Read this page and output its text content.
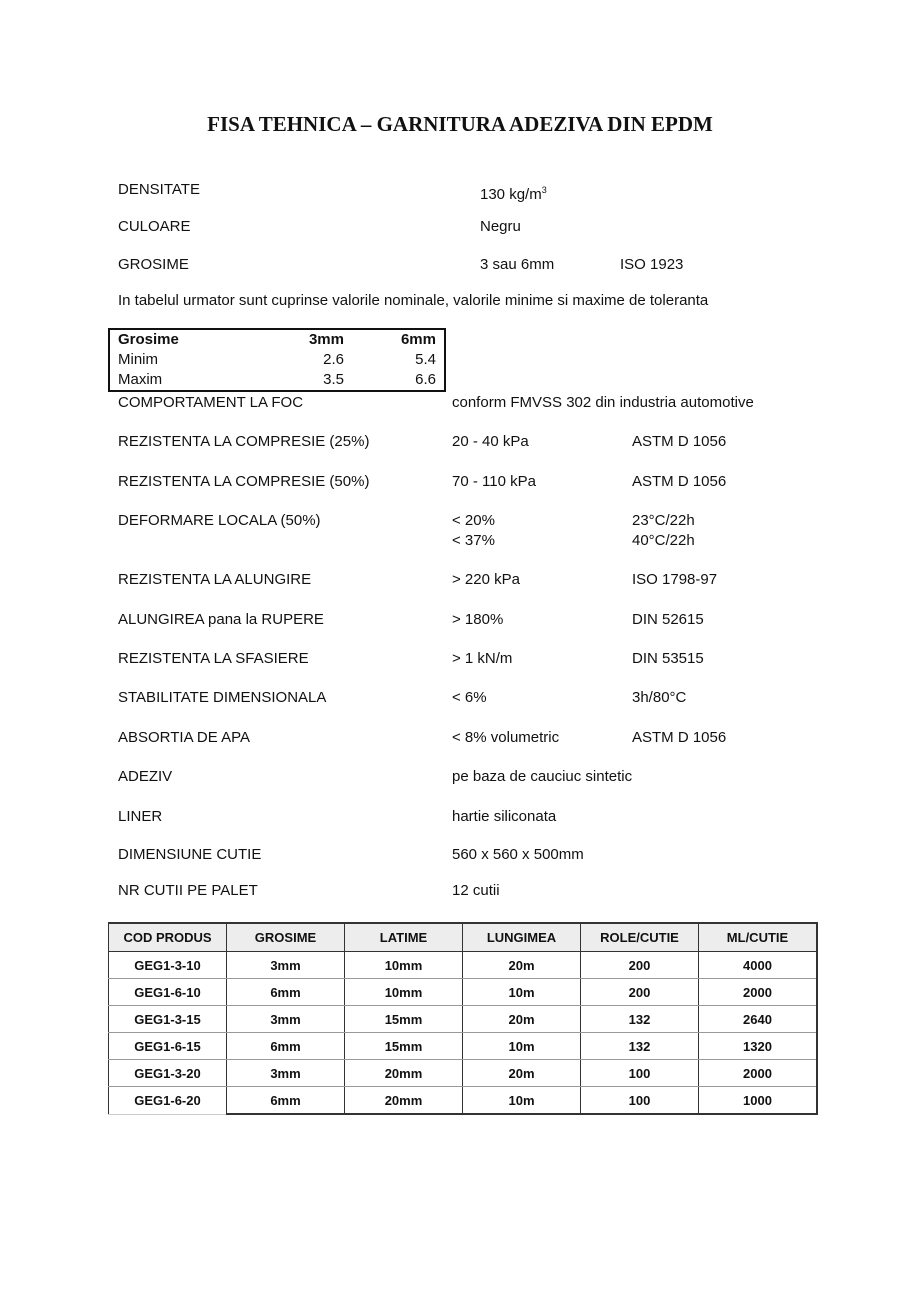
FISA TEHNICA – GARNITURA ADEZIVA DIN EPDM
DENSITATE	130 $kg/m^3$
CULOARE	Negru
GROSIME	3 sau 6mm	ISO 1923
In tabelul urmator sunt cuprinse valorile nominale, valorile minime si maxime de toleranta
Grosime	3mm	6mm
Minim	2.6	5.4
Maxim	3.5	6.6
COMPORTAMENT LA FOC	conform FMVSS 302 din industria automotive
REZISTENTA LA COMPRESIE (25%)	20 - 40 kPa	ASTM D 1056
REZISTENTA LA COMPRESIE (50%)	70 - 110 kPa	ASTM D 1056
DEFORMARE LOCALA (50%)	< 20%	23°C/22h
< 37%	40°C/22h
REZISTENTA LA ALUNGIRE	> 220 kPa	ISO 1798-97
ALUNGIREA pana la RUPERE	> 180%	DIN 52615
REZISTENTA LA SFASIERE	> 1 kN/m	DIN 53515
STABILITATE DIMENSIONALA	< 6%	3h/80°C
ABSORTIA DE APA	< 8% volumetric	ASTM D 1056
ADEZIV	pe baza de cauciuc sintetic
LINER	hartie siliconata
DIMENSIUNE CUTIE	560 x 560 x 500mm
NR CUTII PE PALET	12 cutii
COD PRODUS	GROSIME	LATIME	LUNGIMEA	ROLE/CUTIE	ML/CUTIE
GEG1-3-10	3mm	10mm	20m	200	4000
GEG1-6-10	6mm	10mm	10m	200	2000
GEG1-3-15	3mm	15mm	20m	132	2640
GEG1-6-15	6mm	15mm	10m	132	1320
GEG1-3-20	3mm	20mm	20m	100	2000
GEG1-6-20	6mm	20mm	10m	100	1000
